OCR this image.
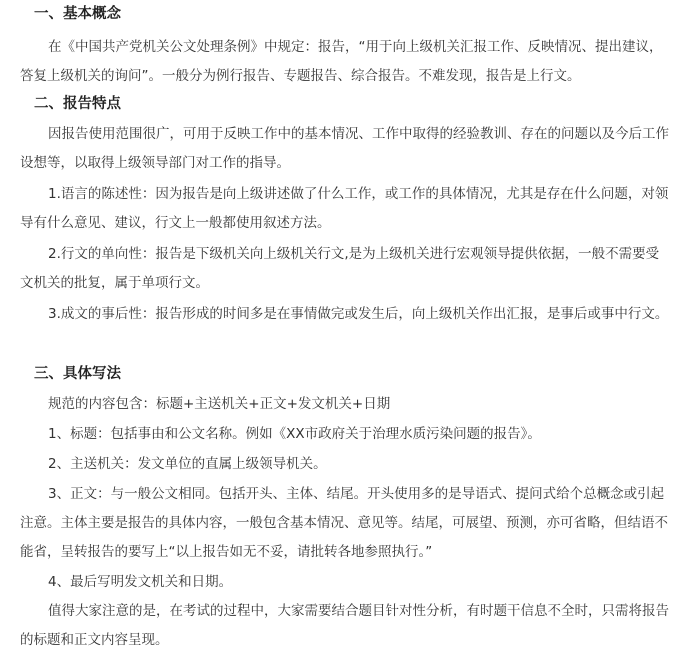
一、基本概念
在《中国共产党机关公文处理条例》中规定：报告，“用于向上级机关汇报工作、反映情况、提出建议，答复上级机关的询问”。一般分为例行报告、专题报告、综合报告。不难发现，报告是上行文。
二、报告特点
因报告使用范围很广，可用于反映工作中的基本情况、工作中取得的经验教训、存在的问题以及今后工作设想等，以取得上级领导部门对工作的指导。
1.语言的陈述性：因为报告是向上级讲述做了什么工作，或工作的具体情况，尤其是存在什么问题，对领导有什么意见、建议，行文上一般都使用叙述方法。
2.行文的单向性：报告是下级机关向上级机关行文,是为上级机关进行宏观领导提供依据，一般不需要受文机关的批复，属于单项行文。
3.成文的事后性：报告形成的时间多是在事情做完或发生后，向上级机关作出汇报，是事后或事中行文。
三、具体写法
规范的内容包含：标题+主送机关+正文+发文机关+日期
1、标题：包括事由和公文名称。例如《XX市政府关于治理水质污染问题的报告》。
2、主送机关：发文单位的直属上级领导机关。
3、正文：与一般公文相同。包括开头、主体、结尾。开头使用多的是导语式、提问式给个总概念或引起注意。主体主要是报告的具体内容，一般包含基本情况、意见等。结尾，可展望、预测，亦可省略，但结语不能省，呈转报告的要写上“以上报告如无不妥，请批转各地参照执行。”
4、最后写明发文机关和日期。
值得大家注意的是，在考试的过程中，大家需要结合题目针对性分析，有时题干信息不全时，只需将报告的标题和正文内容呈现。
